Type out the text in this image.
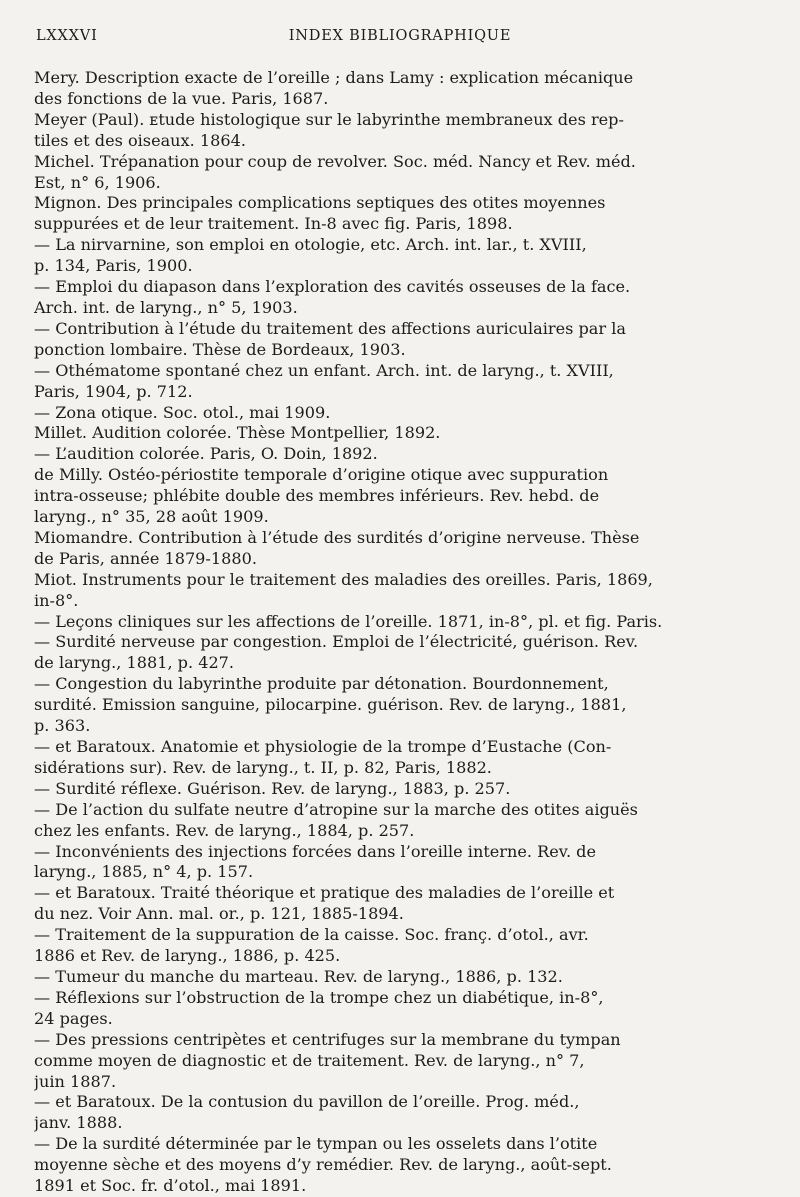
LXXXVI	INDEX BIBLIOGRAPHIQUE

Mery. Description exacte de l’oreille ; dans Lamy : explication mécanique
des fonctions de la vue. Paris, 1687.

Meyer (Paul). ᴇtude histologique sur le labyrinthe membraneux des rep-
tiles et des oiseaux. 1864.

Michel. Trépanation pour coup de revolver. Soc. méd. Nancy et Rev. méd.
Est, n° 6, 1906.

Mignon. Des principales complications septiques des otites moyennes
suppurées et de leur traitement. In-8 avec fig. Paris, 1898.

— La nirvarnine, son emploi en otologie, etc. Arch. int. lar., t. XVIII,
p. 134, Paris, 1900.

— Emploi du diapason dans l’exploration des cavités osseuses de la face.
Arch. int. de laryng., n° 5, 1903.

— Contribution à l’étude du traitement des affections auriculaires par la
ponction lombaire. Thèse de Bordeaux, 1903.

— Othématome spontané chez un enfant. Arch. int. de laryng., t. XVIII,
Paris, 1904, p. 712.

— Zona otique. Soc. otol., mai 1909.

Millet. Audition colorée. Thèse Montpellier, 1892.

— L’audition colorée. Paris, O. Doin, 1892.

de Milly. Ostéo-périostite temporale d’origine otique avec suppuration
intra-osseuse; phlébite double des membres inférieurs. Rev. hebd. de
laryng., n° 35, 28 août 1909.

Miomandre. Contribution à l’étude des surdités d’origine nerveuse. Thèse
de Paris, année 1879-1880.

Miot. Instruments pour le traitement des maladies des oreilles. Paris, 1869,
in-8°.

— Leçons cliniques sur les affections de l’oreille. 1871, in-8°, pl. et fig. Paris.

— Surdité nerveuse par congestion. Emploi de l’électricité, guérison. Rev.
de laryng., 1881, p. 427.

— Congestion du labyrinthe produite par détonation. Bourdonnement,
surdité. Emission sanguine, pilocarpine. guérison. Rev. de laryng., 1881,
p. 363.

— et Baratoux. Anatomie et physiologie de la trompe d’Eustache (Con-
sidérations sur). Rev. de laryng., t. II, p. 82, Paris, 1882.

— Surdité réflexe. Guérison. Rev. de laryng., 1883, p. 257.

— De l’action du sulfate neutre d’atropine sur la marche des otites aiguës
chez les enfants. Rev. de laryng., 1884, p. 257.

— Inconvénients des injections forcées dans l’oreille interne. Rev. de
laryng., 1885, n° 4, p. 157.

— et Baratoux. Traité théorique et pratique des maladies de l’oreille et
du nez. Voir Ann. mal. or., p. 121, 1885-1894.

— Traitement de la suppuration de la caisse. Soc. franç. d’otol., avr.
1886 et Rev. de laryng., 1886, p. 425.

— Tumeur du manche du marteau. Rev. de laryng., 1886, p. 132.

— Réflexions sur l’obstruction de la trompe chez un diabétique, in-8°,
24 pages.

— Des pressions centripètes et centrifuges sur la membrane du tympan
comme moyen de diagnostic et de traitement. Rev. de laryng., n° 7,
juin 1887.

— et Baratoux. De la contusion du pavillon de l’oreille. Prog. méd.,
janv. 1888.

— De la surdité déterminée par le tympan ou les osselets dans l’otite
moyenne sèche et des moyens d’y remédier. Rev. de laryng., août-sept.
1891 et Soc. fr. d’otol., mai 1891.
